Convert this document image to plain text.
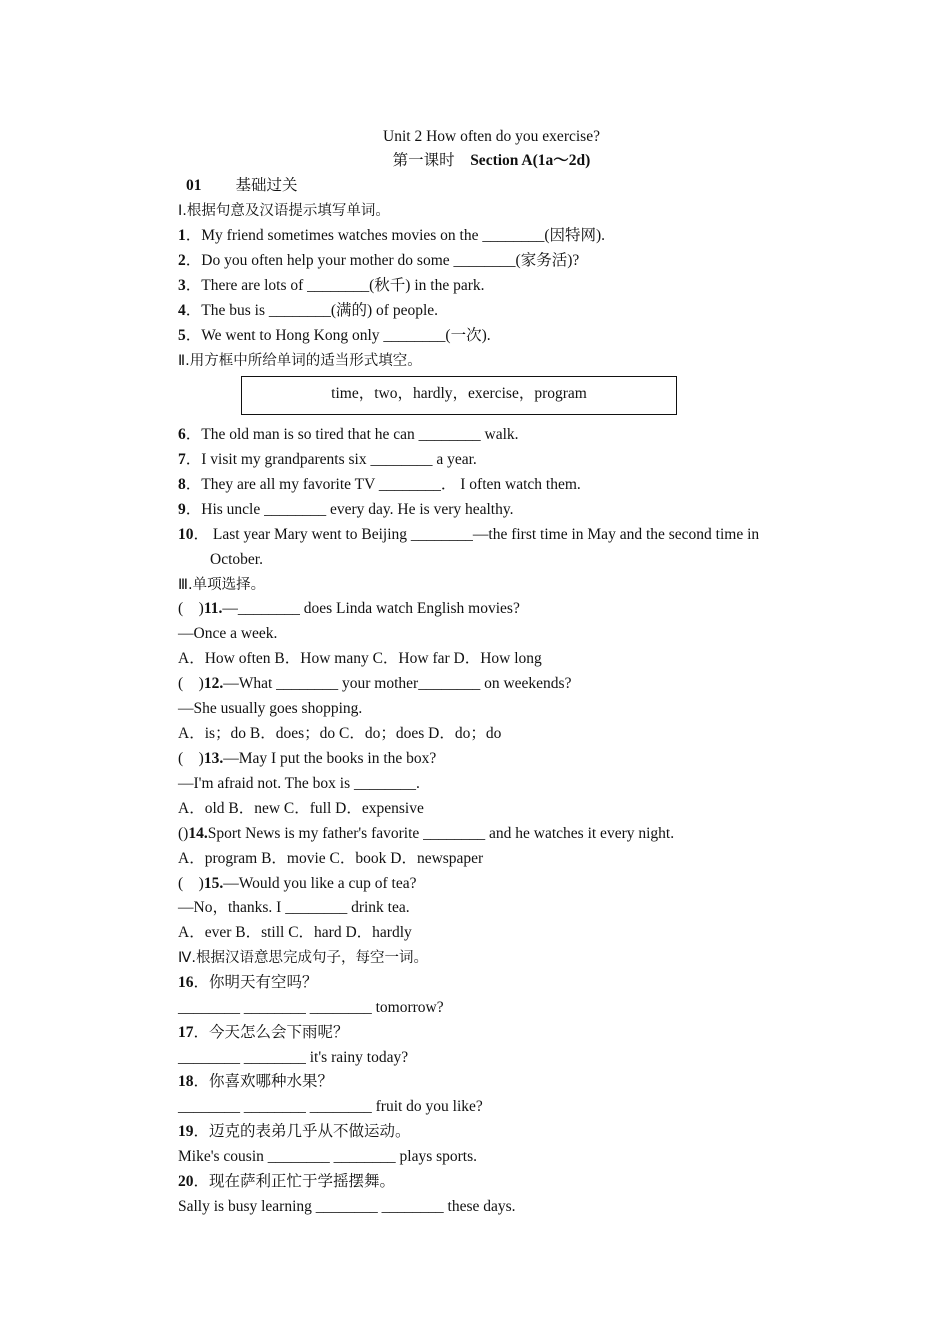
Unit 2 How often do you exercise?
第一课时 Section A(1a～2d)
01 基础过关
Ⅰ.根据句意及汉语提示填写单词。
1．My friend sometimes watches movies on the ________(因特网).
2．Do you often help your mother do some ________(家务活)?
3．There are lots of ________(秋千) in the park.
4．The bus is ________(满的) of people.
5．We went to Hong Kong only ________(一次).
Ⅱ.用方框中所给单词的适当形式填空。
time，two，hardly，exercise，program
6．The old man is so tired that he can ________ walk.
7．I visit my grandparents six ________ a year.
8．They are all my favorite TV ________． I often watch them.
9．His uncle ________ every day. He is very healthy.
10． Last year Mary went to Beijing ________—the first time in May and the second time in
October.
Ⅲ.单项选择。
(　)11.—________ does Linda watch English movies?
—Once a week.
A．How often B．How many C．How far D．How long
(　)12.—What ________ your mother________ on weekends?
—She usually goes shopping.
A．is；do B．does；do C．do；does D．do；do
(　)13.—May I put the books in the box?
—I'm afraid not. The box is ________.
A．old B．new C．full D．expensive
()14.Sport News is my father's favorite ________ and he watches it every night.
A．program B．movie C．book D．newspaper
(　)15.—Would you like a cup of tea?
—No，thanks. I ________ drink tea.
A．ever B．still C．hard D．hardly
Ⅳ.根据汉语意思完成句子，每空一词。
16．你明天有空吗？
________ ________ ________ tomorrow?
17．今天怎么会下雨呢？
________ ________ it's rainy today?
18．你喜欢哪种水果？
________ ________ ________ fruit do you like?
19．迈克的表弟几乎从不做运动。
Mike's cousin ________ ________ plays sports.
20．现在萨利正忙于学摇摆舞。
Sally is busy learning ________ ________ these days.
